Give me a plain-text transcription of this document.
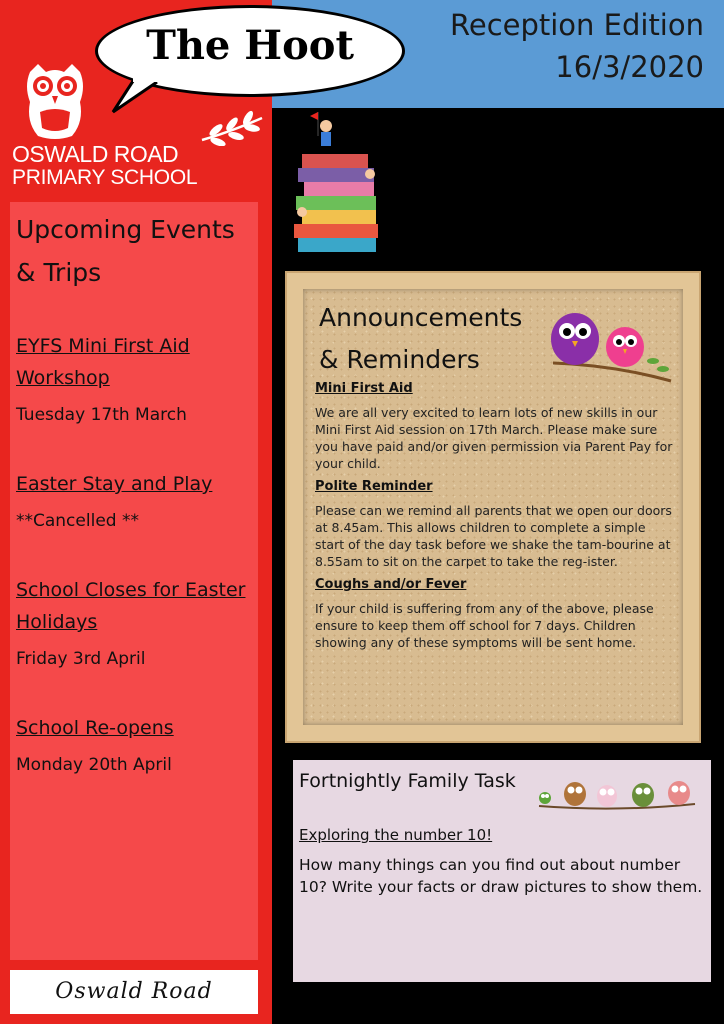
Reception Edition
16/3/2020
The Hoot
OSWALD ROAD
PRIMARY SCHOOL
Upcoming Events
& Trips
EYFS Mini First Aid
Workshop
Tuesday 17th March
Easter Stay and Play
**Cancelled **
School Closes for Easter
Holidays
Friday 3rd April
School Re-opens
Monday 20th April
Oswald Road
Announcements
& Reminders
Mini First Aid
We are all very excited to learn lots of new skills in our Mini First Aid session on 17th March. Please make sure you have paid and/or given permission via Parent Pay for your child.
Polite Reminder
Please can we remind all parents that we open our doors at 8.45am. This allows children to complete a simple start of the day task before we shake the tam-bourine at 8.55am to sit on the carpet to take the reg-ister.
Coughs and/or Fever
If your child is suffering from any of the above, please ensure to keep them off school for 7 days. Children showing any of these symptoms will be sent home.
Fortnightly Family Task
Exploring the number 10!
How many things can you find out about number 10? Write your facts or draw pictures to show them.
